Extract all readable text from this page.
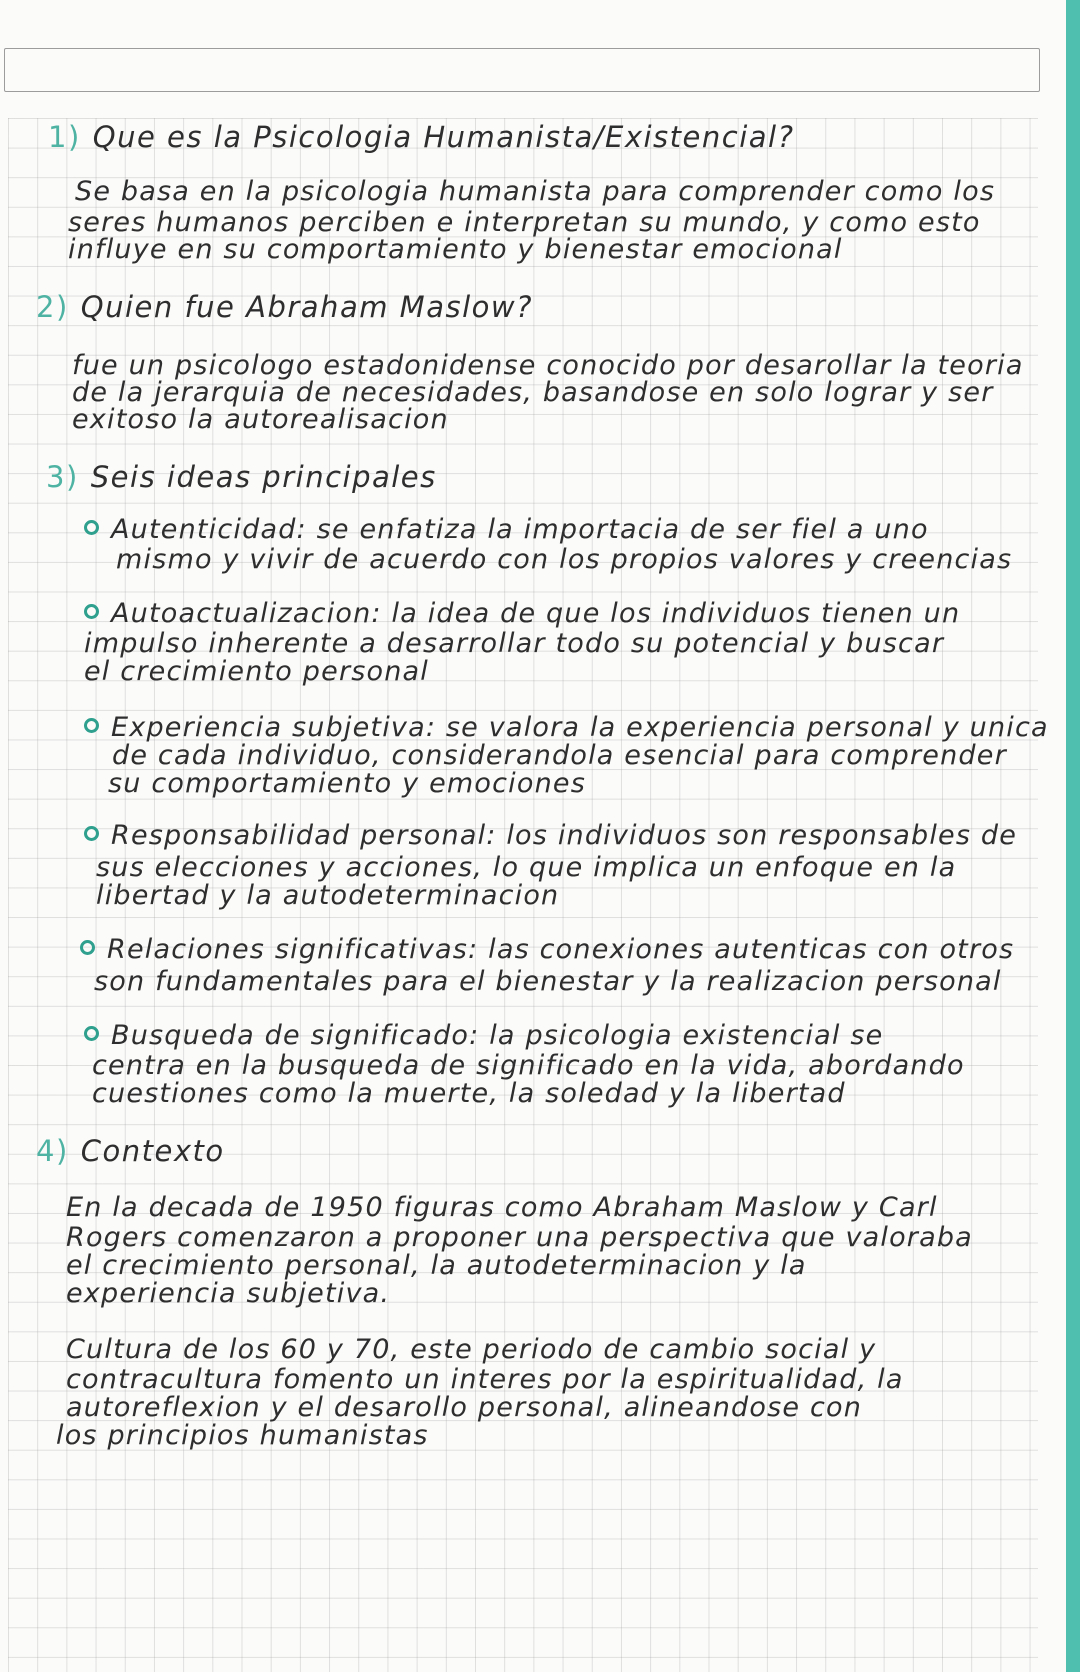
1) Que es la Psicologia Humanista/Existencial?
Se basa en la psicologia humanista para comprender como los
seres humanos perciben e interpretan su mundo, y como esto
influye en su comportamiento y bienestar emocional
2) Quien fue Abraham Maslow?
fue un psicologo estadonidense conocido por desarollar la teoria
de la jerarquia de necesidades, basandose en solo lograr y ser
exitoso la autorealisacion
3) Seis ideas principales
Autenticidad: se enfatiza la importacia de ser fiel a uno
mismo y vivir de acuerdo con los propios valores y creencias
Autoactualizacion: la idea de que los individuos tienen un
impulso inherente a desarrollar todo su potencial y buscar
el crecimiento personal
Experiencia subjetiva: se valora la experiencia personal y unica
de cada individuo, considerandola esencial para comprender
su comportamiento y emociones
Responsabilidad personal: los individuos son responsables de
sus elecciones y acciones, lo que implica un enfoque en la
libertad y la autodeterminacion
Relaciones significativas: las conexiones autenticas con otros
son fundamentales para el bienestar y la realizacion personal
Busqueda de significado: la psicologia existencial se
centra en la busqueda de significado en la vida, abordando
cuestiones como la muerte, la soledad y la libertad
4) Contexto
En la decada de 1950 figuras como Abraham Maslow y Carl
Rogers comenzaron a proponer una perspectiva que valoraba
el crecimiento personal, la autodeterminacion y la
experiencia subjetiva.
Cultura de los 60 y 70, este periodo de cambio social y
contracultura fomento un interes por la espiritualidad, la
autoreflexion y el desarollo personal, alineandose con
los principios humanistas
